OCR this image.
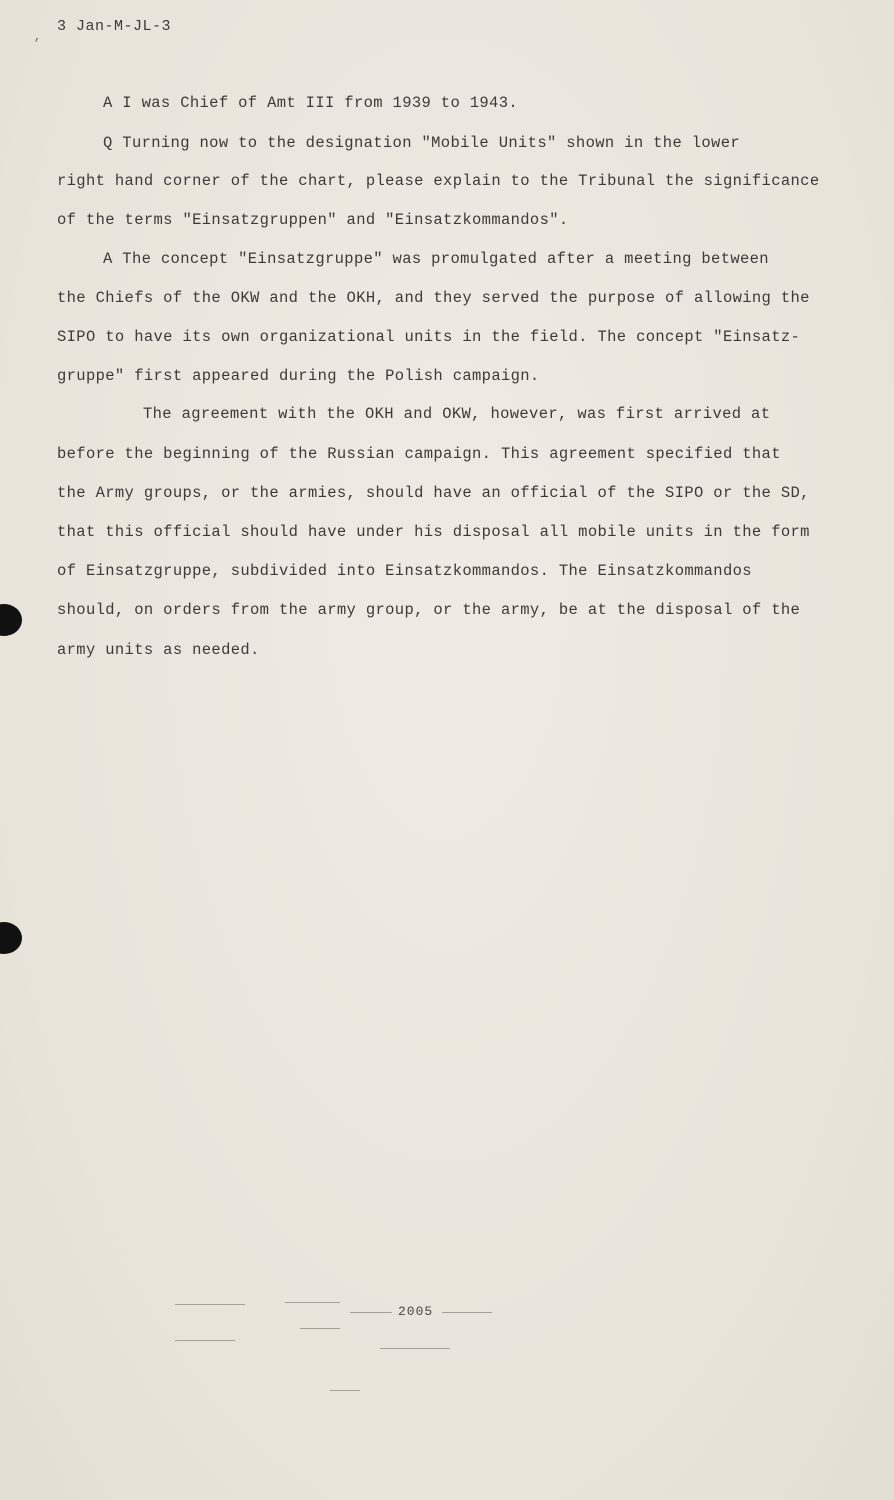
,
3 Jan-M-JL-3
A I was Chief of Amt III from 1939 to 1943.
Q Turning now to the designation "Mobile Units" shown in the lower
right hand corner of the chart, please explain to the Tribunal the significance
of the terms "Einsatzgruppen" and "Einsatzkommandos".
A The concept "Einsatzgruppe" was promulgated after a meeting between
the Chiefs of the OKW and the OKH, and they served the purpose of allowing the
SIPO to have its own organizational units in the field. The concept "Einsatz-
gruppe" first appeared during the Polish campaign.
The agreement with the OKH and OKW, however, was first arrived at
before the beginning of the Russian campaign. This agreement specified that
the Army groups, or the armies, should have an official of the SIPO or the SD,
that this official should have under his disposal all mobile units in the form
of Einsatzgruppe, subdivided into Einsatzkommandos. The Einsatzkommandos
should, on orders from the army group, or the army, be at the disposal of the
army units as needed.
2005
